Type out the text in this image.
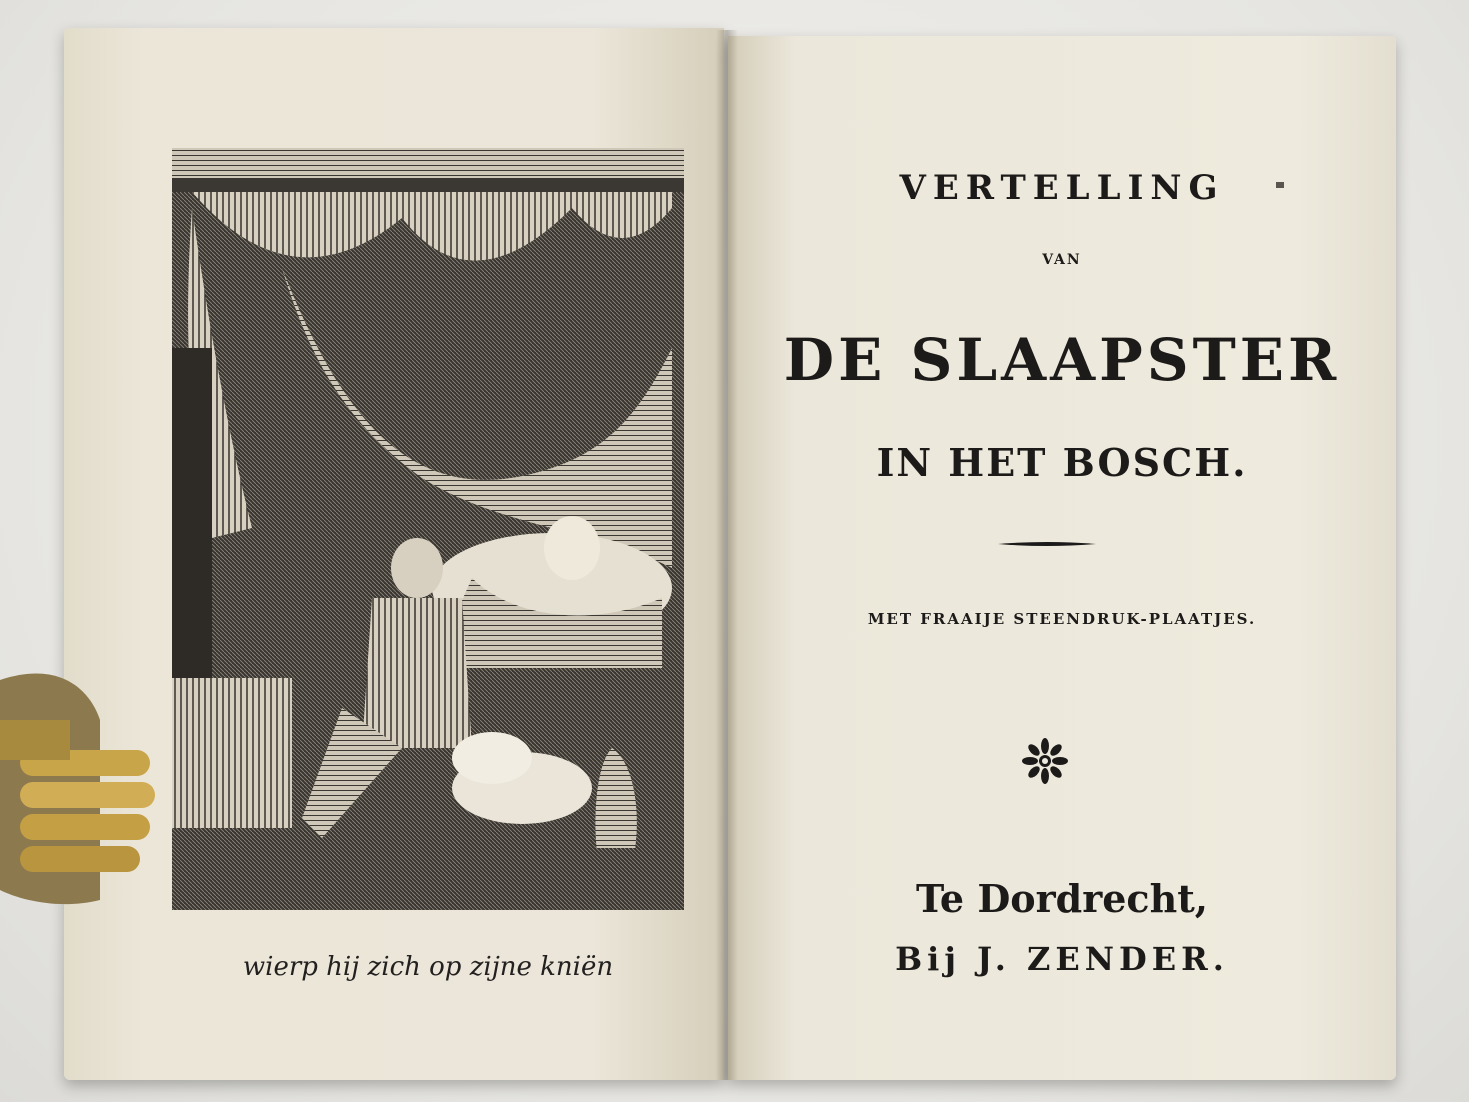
wierp hij zich op zijne kniën
VERTELLING
VAN
DE SLAAPSTER
IN HET BOSCH.
MET FRAAIJE STEENDRUK-PLAATJES.
Te Dordrecht,
Bij J. ZENDER.
